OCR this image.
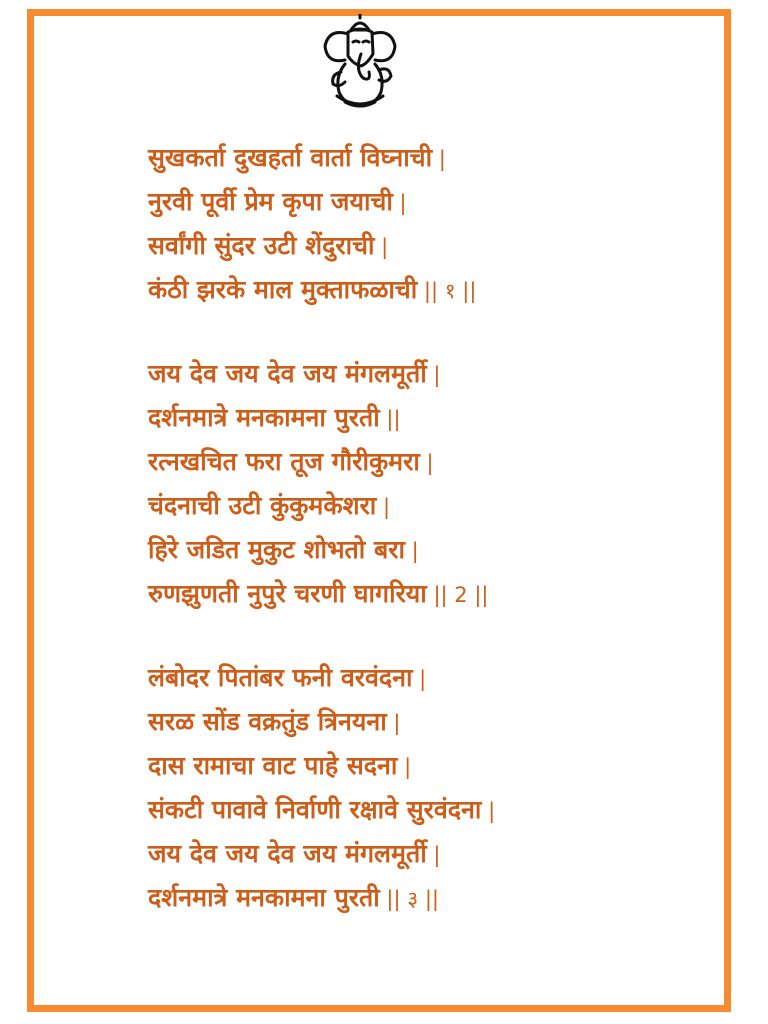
सुखकर्ता दुखहर्ता वार्ता विघ्नाची |
नुरवी पूर्वी प्रेम कृपा जयाची |
सर्वांगी सुंदर उटी शेंदुराची |
कंठी झरके माल मुक्ताफळाची || १ ||
जय देव जय देव जय मंगलमूर्ती |
दर्शनमात्रे मनकामना पुरती ||
रत्नखचित फरा तूज गौरीकुमरा |
चंदनाची उटी कुंकुमकेशरा |
हिरे जडित मुकुट शोभतो बरा |
रुणझुणती नुपुरे चरणी घागरिया || 2 ||
लंबोदर पितांबर फनी वरवंदना |
सरळ सोंड वक्रतुंड त्रिनयना |
दास रामाचा वाट पाहे सदना |
संकटी पावावे निर्वाणी रक्षावे सुरवंदना |
जय देव जय देव जय मंगलमूर्ती |
दर्शनमात्रे मनकामना पुरती || ३ ||
